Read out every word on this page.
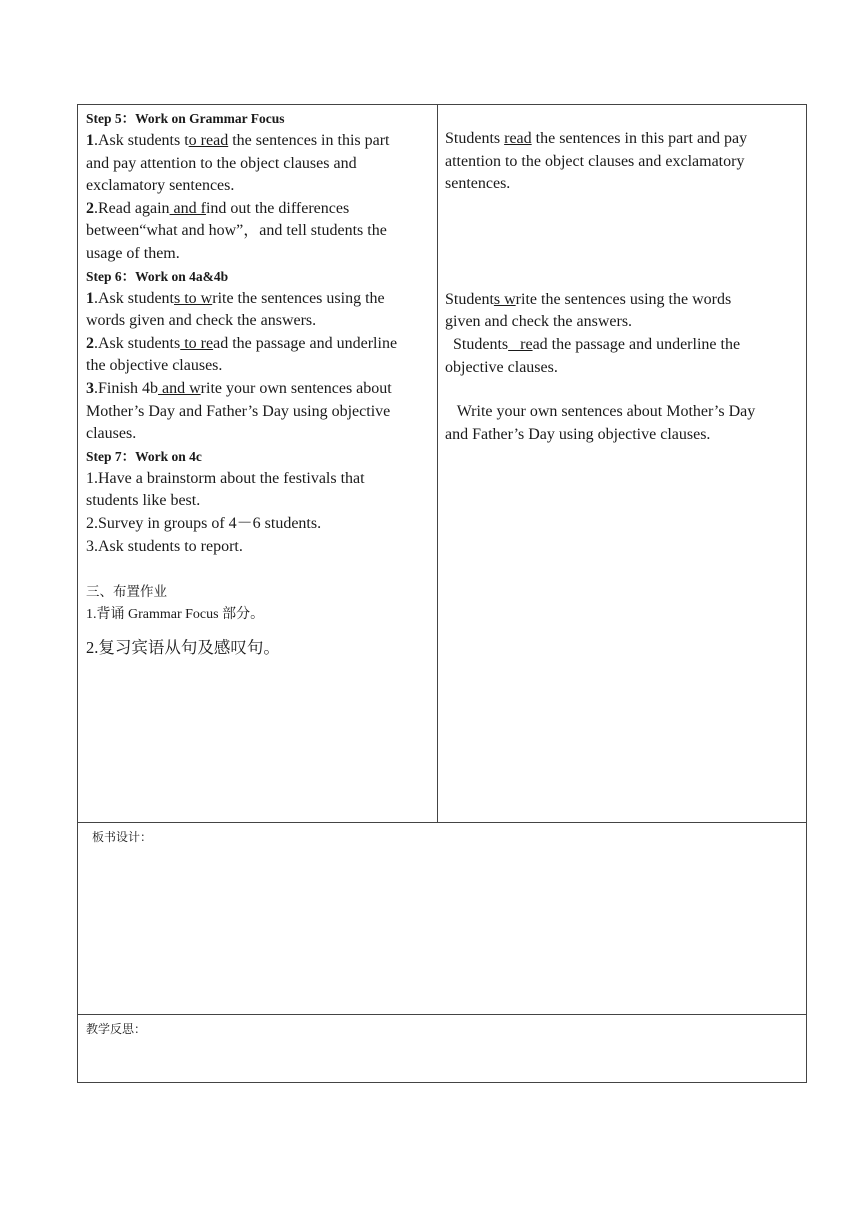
Step 5：Work on Grammar Focus
1.Ask students to read the sentences in this part
and pay attention to the object clauses and
exclamatory sentences.
2.Read again and find out the differences
between“what and how”，and tell students the
usage of them.
Step 6：Work on 4a&4b
1.Ask students to write the sentences using the
words given and check the answers.
2.Ask students to read the passage and underline
the objective clauses.
3.Finish 4b and write your own sentences about
Mother’s Day and Father’s Day using objective
clauses.
Step 7：Work on 4c
1.Have a brainstorm about the festivals that
students like best.
2.Survey in groups of 4－6 students.
3.Ask students to report.
三、布置作业
1.背诵 Grammar Focus 部分。
2.复习宾语从句及感叹句。
Students read the sentences in this part and pay
attention to the object clauses and exclamatory
sentences.
Students write the sentences using the words
given and check the answers.
Students   read the passage and underline the
objective clauses.
Write your own sentences about Mother’s Day
and Father’s Day using objective clauses.
板书设计：
教学反思：
